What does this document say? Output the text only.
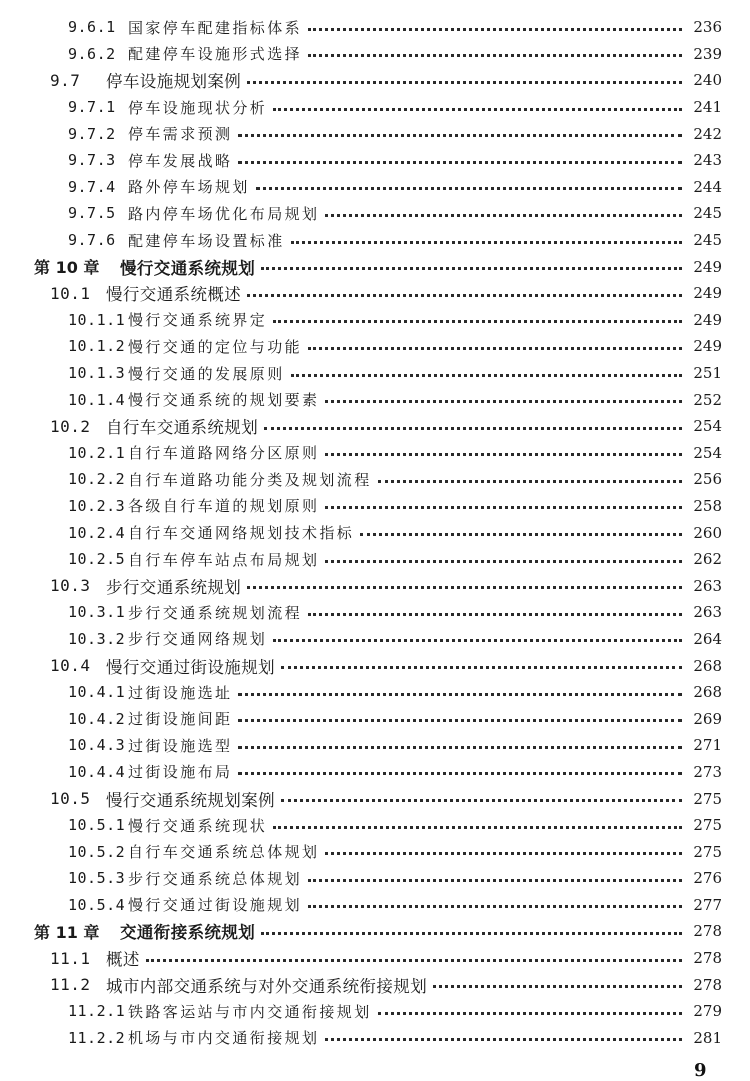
9.6.1 国家停车配建指标体系	236
9.6.2 配建停车设施形式选择	239
9.7	停车设施规划案例	240
9.7.1 停车设施现状分析	241
9.7.2 停车需求预测	242
9.7.3 停车发展战略	243
9.7.4 路外停车场规划	244
9.7.5 路内停车场优化布局规划	245
9.7.6 配建停车场设置标准	245
第 10 章	慢行交通系统规划	249
10.1 慢行交通系统概述	249
10.1.1 慢行交通系统界定	249
10.1.2 慢行交通的定位与功能	249
10.1.3 慢行交通的发展原则	251
10.1.4 慢行交通系统的规划要素	252
10.2 自行车交通系统规划	254
10.2.1 自行车道路网络分区原则	254
10.2.2 自行车道路功能分类及规划流程	256
10.2.3 各级自行车道的规划原则	258
10.2.4 自行车交通网络规划技术指标	260
10.2.5 自行车停车站点布局规划	262
10.3 步行交通系统规划	263
10.3.1 步行交通系统规划流程	263
10.3.2 步行交通网络规划	264
10.4 慢行交通过街设施规划	268
10.4.1 过街设施选址	268
10.4.2 过街设施间距	269
10.4.3 过街设施选型	271
10.4.4 过街设施布局	273
10.5 慢行交通系统规划案例	275
10.5.1 慢行交通系统现状	275
10.5.2 自行车交通系统总体规划	275
10.5.3 步行交通系统总体规划	276
10.5.4 慢行交通过街设施规划	277
第 11 章	交通衔接系统规划	278
11.1 概述	278
11.2 城市内部交通系统与对外交通系统衔接规划	278
11.2.1 铁路客运站与市内交通衔接规划	279
11.2.2 机场与市内交通衔接规划	281
9
